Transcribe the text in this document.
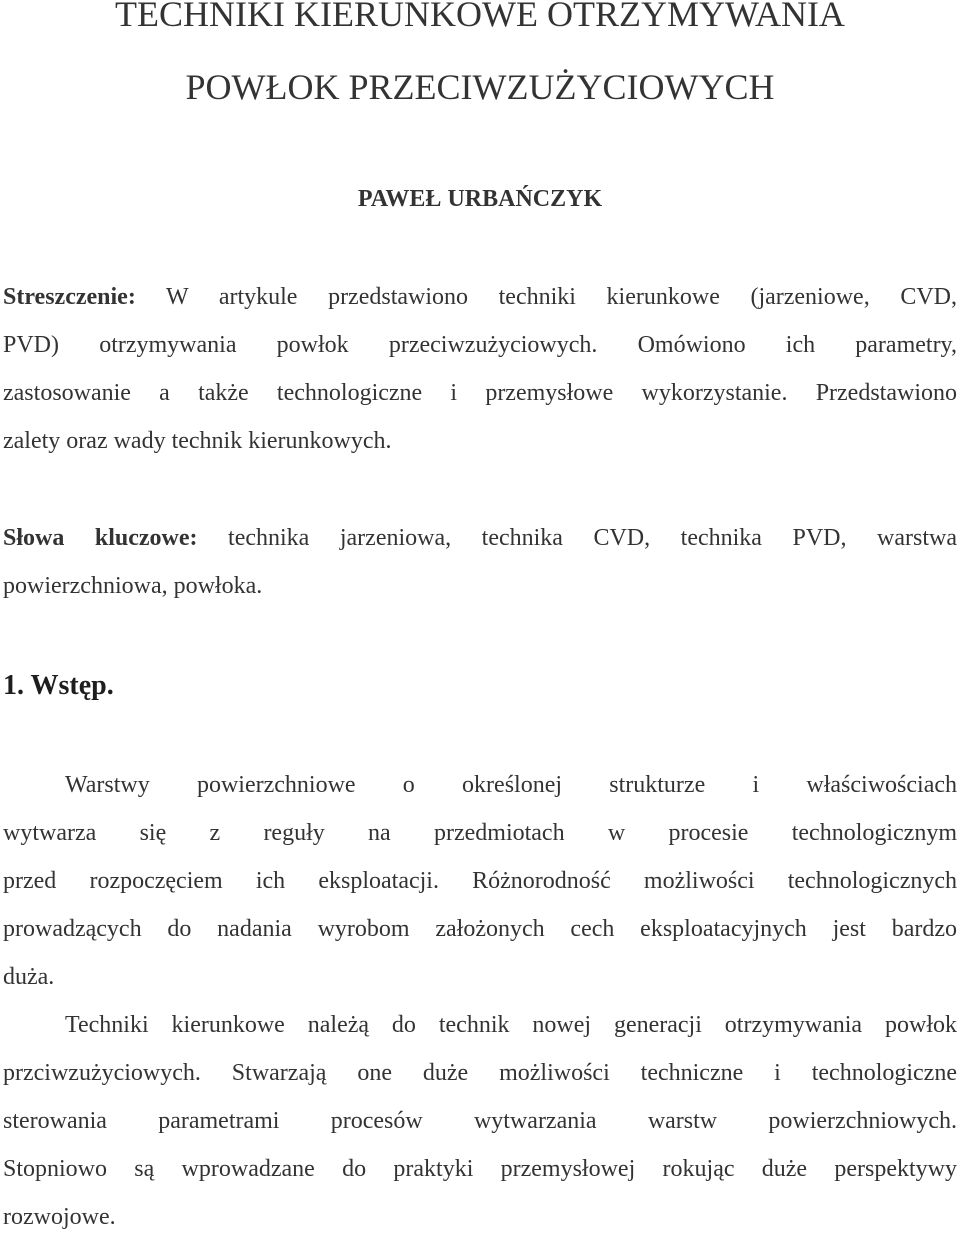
TECHNIKI KIERUNKOWE OTRZYMYWANIA
POWŁOK PRZECIWZUŻYCIOWYCH

PAWEŁ URBAŃCZYK

Streszczenie: W artykule przedstawiono techniki kierunkowe (jarzeniowe, CVD,
PVD) otrzymywania powłok przeciwzużyciowych. Omówiono ich parametry,
zastosowanie a także technologiczne i przemysłowe wykorzystanie. Przedstawiono
zalety oraz wady technik kierunkowych.
Słowa kluczowe: technika jarzeniowa, technika CVD, technika PVD, warstwa
powierzchniowa, powłoka.
1. Wstęp.
Warstwy powierzchniowe o określonej strukturze i właściwościach
wytwarza się z reguły na przedmiotach w procesie technologicznym
przed rozpoczęciem ich eksploatacji. Różnorodność możliwości technologicznych
prowadzących do nadania wyrobom założonych cech eksploatacyjnych jest bardzo
duża.
Techniki kierunkowe należą do technik nowej generacji otrzymywania powłok
przciwzużyciowych. Stwarzają one duże możliwości techniczne i technologiczne
sterowania parametrami procesów wytwarzania warstw powierzchniowych.
Stopniowo są wprowadzane do praktyki przemysłowej rokując duże perspektywy
rozwojowe.
